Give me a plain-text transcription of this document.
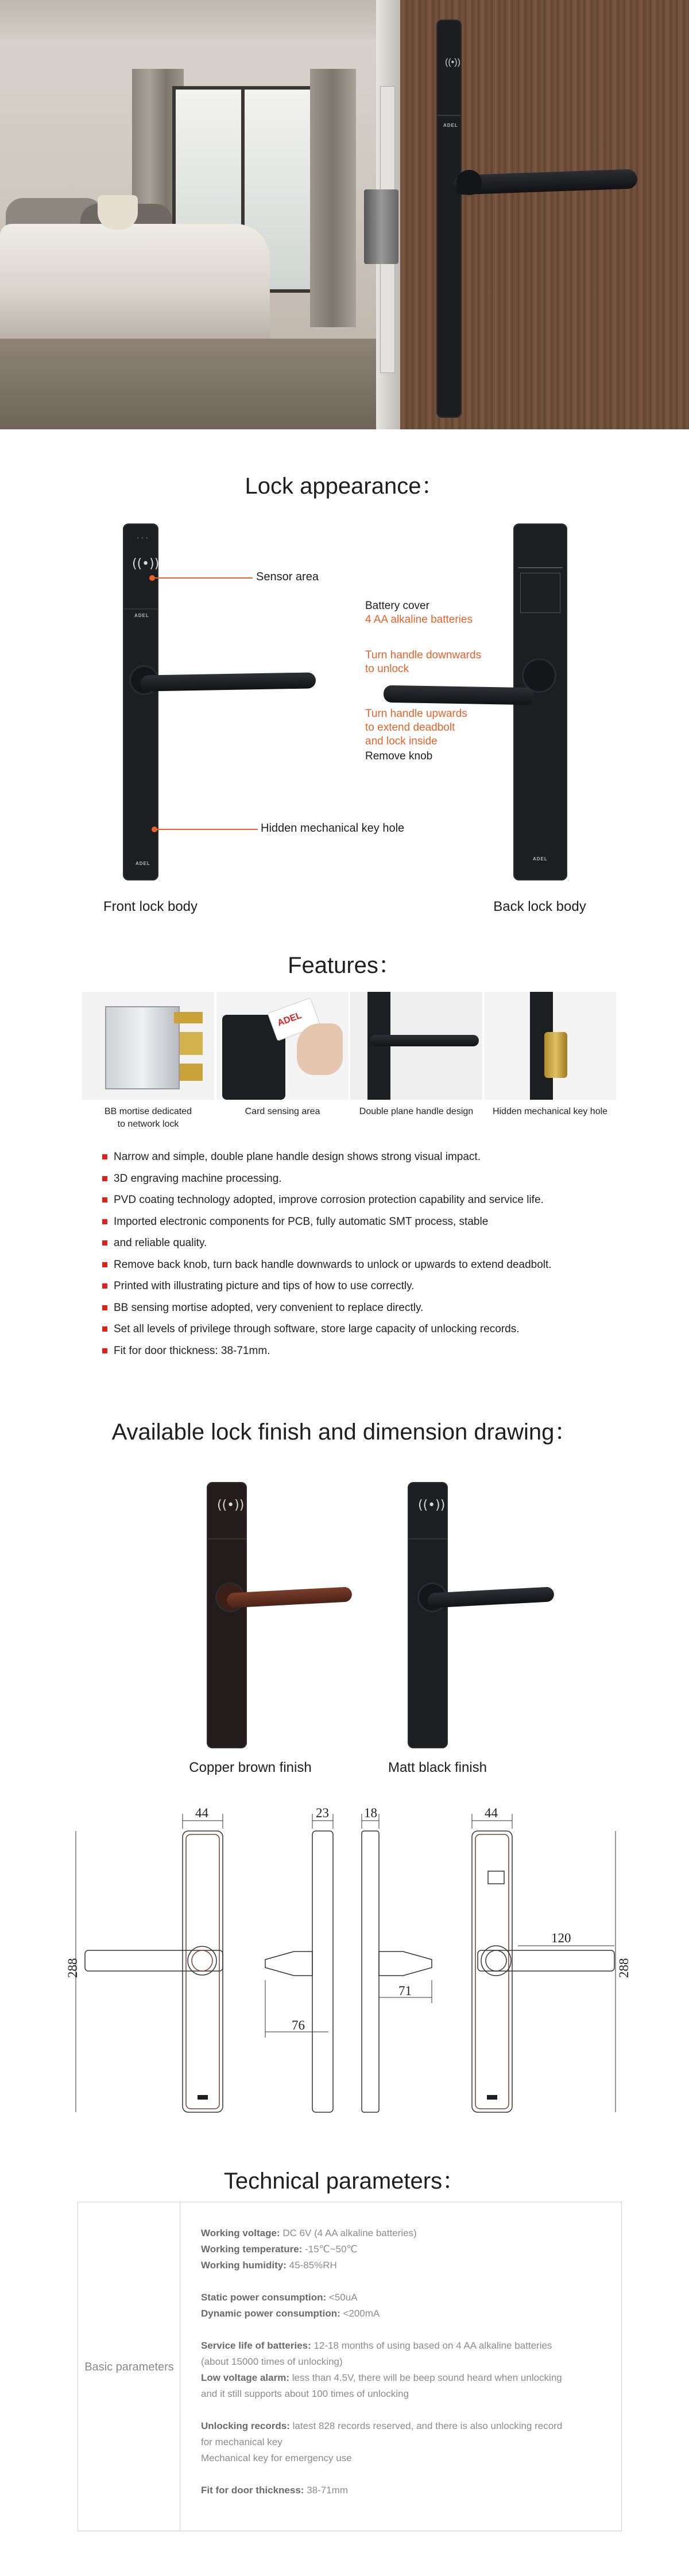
((•))
ADEL
Lock appearance：
···
((•))
ADEL
ADEL
Sensor area
Hidden mechanical key hole
Front lock body
ADEL
Battery cover
4 AA alkaline batteries
Turn handle downwards
to unlock
Turn handle upwards
to extend deadbolt
and lock inside
Remove knob
Back lock body
Features：
ADEL
BB mortise dedicated
to network lock
Card sensing area	Double plane handle design	Hidden mechanical key hole
Narrow and simple, double plane handle design shows strong visual impact.
3D engraving machine processing.
PVD coating technology adopted, improve corrosion protection capability and service life.
Imported electronic components for PCB, fully automatic SMT process, stable
and reliable quality.
Remove back knob, turn back handle downwards to unlock or upwards to extend deadbolt.
Printed with illustrating picture and tips of how to use correctly.
BB sensing mortise adopted, very convenient to replace directly.
Set all levels of privilege through software, store large capacity of unlocking records.
Fit for door thickness: 38-71mm.
Available lock finish and dimension drawing：
((•))
Copper brown finish
((•))
Matt black finish
44
288
23	18
76
71
44
120
288
Technical parameters：
Basic parameters
Working voltage: DC 6V (4 AA alkaline batteries)
Working temperature: -15℃~50℃
Working humidity: 45-85%RH
Static power consumption: <50uA
Dynamic power consumption: <200mA
Service life of batteries: 12-18 months of using based on 4 AA alkaline batteries
(about 15000 times of unlocking)
Low voltage alarm: less than 4.5V, there will be beep sound heard when unlocking
and it still supports about 100 times of unlocking
Unlocking records: latest 828 records reserved, and there is also unlocking record
for mechanical key
Mechanical key for emergency use
Fit for door thickness: 38-71mm
